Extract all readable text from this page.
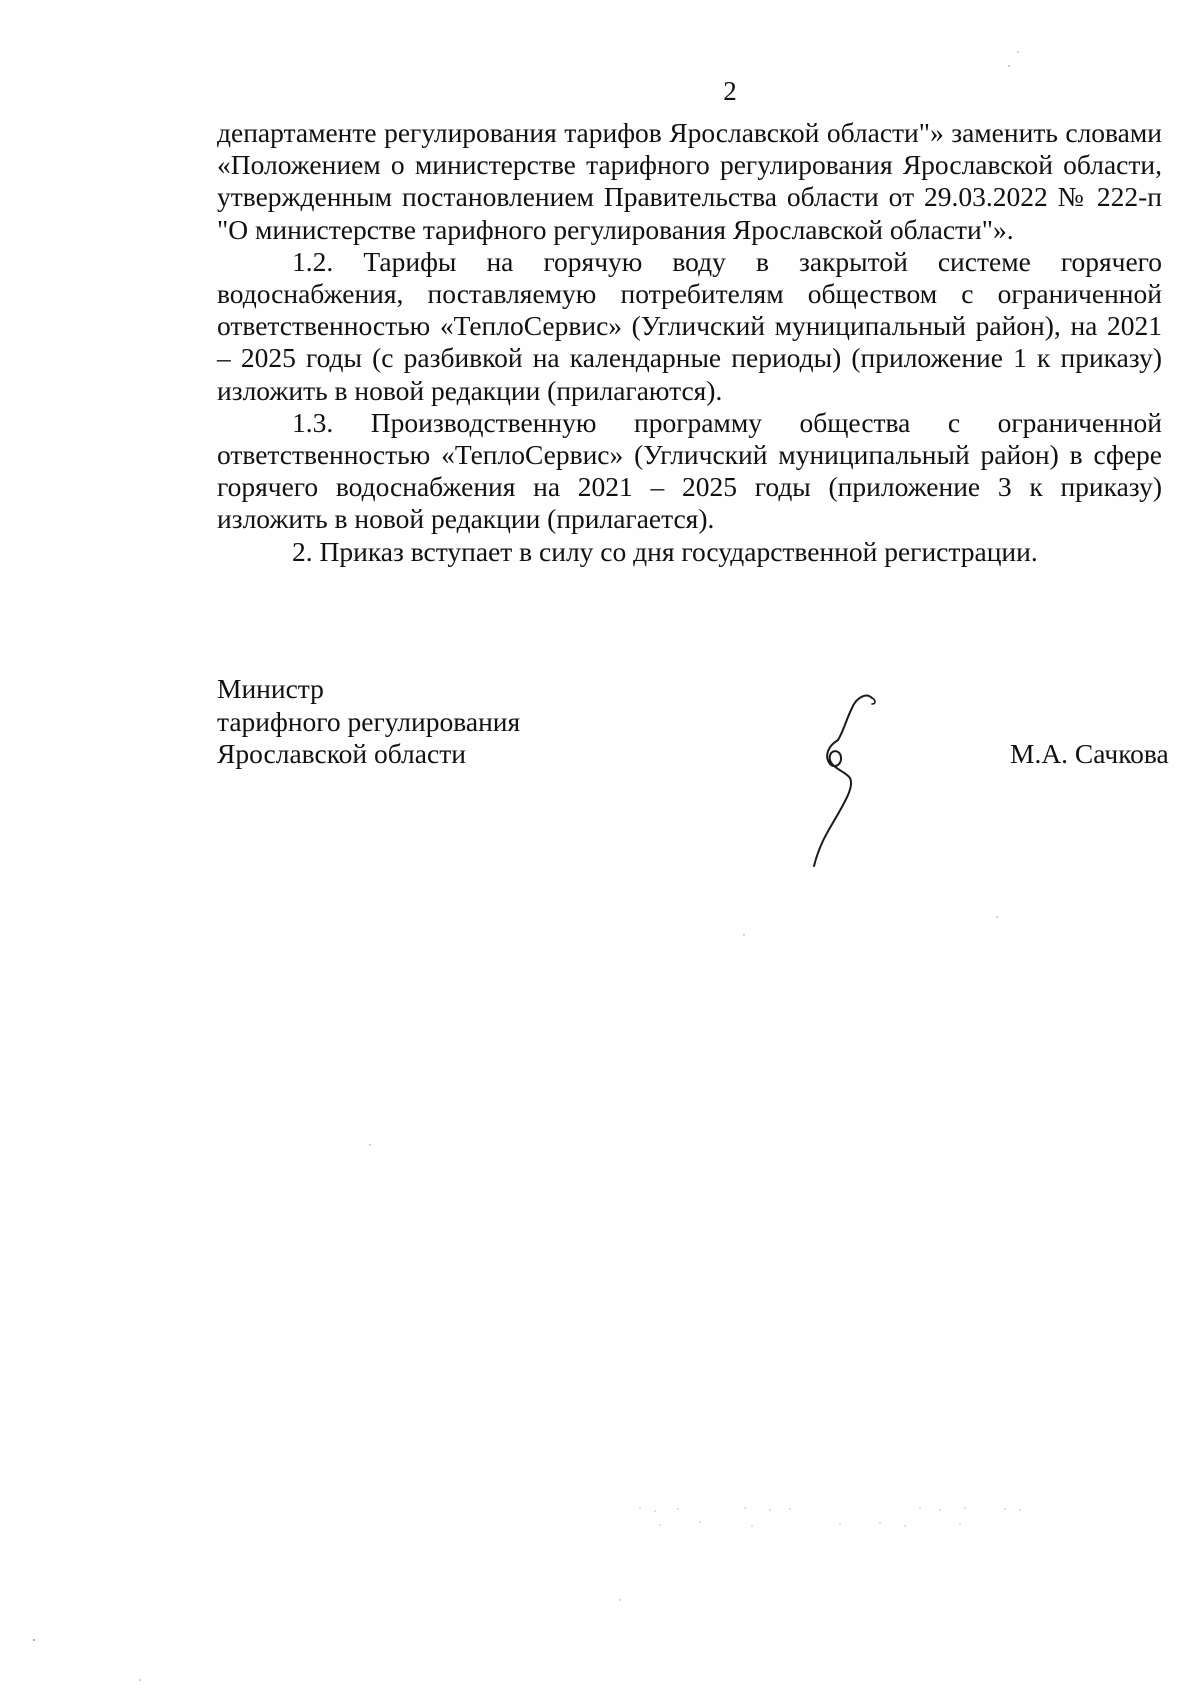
2

департаменте регулирования тарифов Ярославской области"» заменить словами «Положением о министерстве тарифного регулирования Ярославской области, утвержденным постановлением Правительства области от 29.03.2022 № 222-п "О министерстве тарифного регулирования Ярославской области"».

1.2. Тарифы на горячую воду в закрытой системе горячего водоснабжения, поставляемую потребителям обществом с ограниченной ответственностью «ТеплоСервис» (Угличский муниципальный район), на 2021 – 2025 годы (с разбивкой на календарные периоды) (приложение 1 к приказу) изложить в новой редакции (прилагаются).

1.3. Производственную программу общества с ограниченной ответственностью «ТеплоСервис» (Угличский муниципальный район) в сфере горячего водоснабжения на 2021 – 2025 годы (приложение 3 к приказу) изложить в новой редакции (прилагается).

2. Приказ вступает в силу со дня государственной регистрации.

Министр
тарифного регулирования
Ярославской области	М.А. Сачкова
